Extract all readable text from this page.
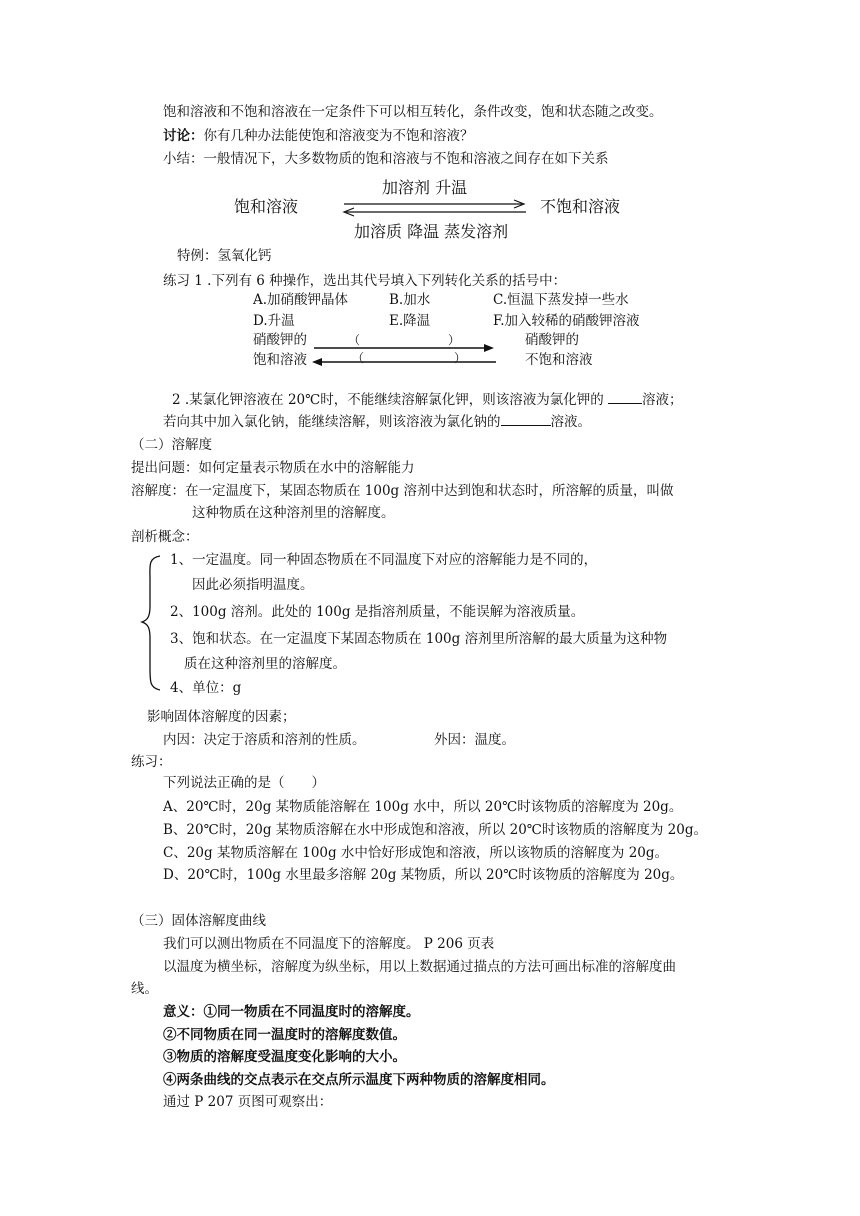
饱和溶液和不饱和溶液在一定条件下可以相互转化，条件改变，饱和状态随之改变。
讨论：你有几种办法能使饱和溶液变为不饱和溶液？
小结：一般情况下，大多数物质的饱和溶液与不饱和溶液之间存在如下关系
饱和溶液
加溶剂 升温
不饱和溶液
加溶质 降温 蒸发溶剂
特例：氢氧化钙
练习 1 .下列有 6 种操作，选出其代号填入下列转化关系的括号中：
A.加硝酸钾晶体	B.加水	C.恒温下蒸发掉一些水
D.升温	E.降温	F.加入较稀的硝酸钾溶液
硝酸钾的
饱和溶液
硝酸钾的
不饱和溶液
（	）
（	）
2 .某氯化钾溶液在 20℃时，不能继续溶解氯化钾，则该溶液为氯化钾的	溶液；
若向其中加入氯化钠，能继续溶解，则该溶液为氯化钠的	溶液。
（二）溶解度
提出问题：如何定量表示物质在水中的溶解能力
溶解度：在一定温度下，某固态物质在 100g 溶剂中达到饱和状态时，所溶解的质量，叫做
这种物质在这种溶剂里的溶解度。
剖析概念：
1、一定温度。同一种固态物质在不同温度下对应的溶解能力是不同的，
因此必须指明温度。
2、100g 溶剂。此处的 100g 是指溶剂质量，不能误解为溶液质量。
3、饱和状态。在一定温度下某固态物质在 100g 溶剂里所溶解的最大质量为这种物
质在这种溶剂里的溶解度。
4、单位：g
影响固体溶解度的因素；
内因：决定于溶质和溶剂的性质。	外因：温度。
练习：
下列说法正确的是（　　）
A、20℃时，20g 某物质能溶解在 100g 水中，所以 20℃时该物质的溶解度为 20g。
B、20℃时，20g 某物质溶解在水中形成饱和溶液，所以 20℃时该物质的溶解度为 20g。
C、20g 某物质溶解在 100g 水中恰好形成饱和溶液，所以该物质的溶解度为 20g。
D、20℃时，100g 水里最多溶解 20g 某物质，所以 20℃时该物质的溶解度为 20g。
（三）固体溶解度曲线
我们可以测出物质在不同温度下的溶解度。 P 206 页表
以温度为横坐标，溶解度为纵坐标，用以上数据通过描点的方法可画出标准的溶解度曲
线。
意义：①同一物质在不同温度时的溶解度。
②不同物质在同一温度时的溶解度数值。
③物质的溶解度受温度变化影响的大小。
④两条曲线的交点表示在交点所示温度下两种物质的溶解度相同。
通过 P 207 页图可观察出：
